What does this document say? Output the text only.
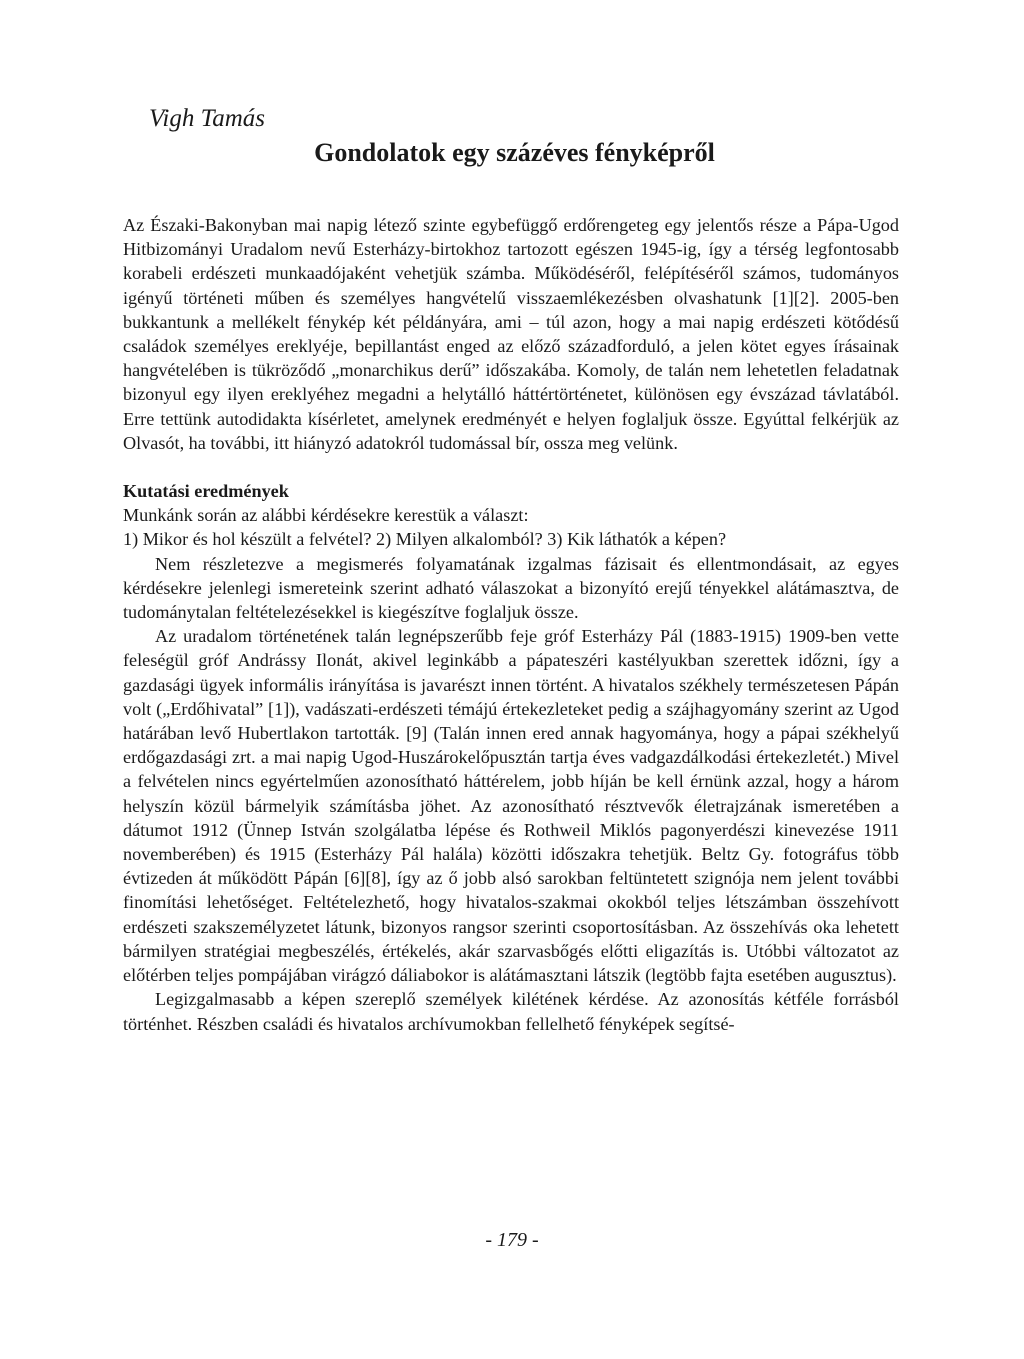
Vigh Tamás

Gondolatok egy százéves fényképről

Az Északi-Bakonyban mai napig létező szinte egybefüggő erdőrengeteg egy jelentős része a Pápa-Ugod Hitbizományi Uradalom nevű Esterházy-birtokhoz tartozott egészen 1945-ig, így a térség legfontosabb korabeli erdészeti munkaadójaként vehetjük számba. Működéséről, felépítéséről számos, tudományos igényű történeti műben és személyes hangvételű visszaemlékezésben olvashatunk [1][2]. 2005-ben bukkantunk a mellékelt fénykép két példányára, ami – túl azon, hogy a mai napig erdészeti kötődésű családok személyes ereklyéje, bepillantást enged az előző századforduló, a jelen kötet egyes írásainak hangvételében is tükröződő „monarchikus derű” időszakába. Komoly, de talán nem lehetetlen feladatnak bizonyul egy ilyen ereklyéhez megadni a helytálló háttértörténetet, különösen egy évszázad távlatából. Erre tettünk autodidakta kísérletet, amelynek eredményét e helyen foglaljuk össze. Egyúttal felkérjük az Olvasót, ha további, itt hiányzó adatokról tudomással bír, ossza meg velünk.

Kutatási eredmények

Munkánk során az alábbi kérdésekre kerestük a választ:

1) Mikor és hol készült a felvétel? 2) Milyen alkalomból? 3) Kik láthatók a képen?

Nem részletezve a megismerés folyamatának izgalmas fázisait és ellentmondásait, az egyes kérdésekre jelenlegi ismereteink szerint adható válaszokat a bizonyító erejű tényekkel alátámasztva, de tudománytalan feltételezésekkel is kiegészítve foglaljuk össze.

Az uradalom történetének talán legnépszerűbb feje gróf Esterházy Pál (1883-1915) 1909-ben vette feleségül gróf Andrássy Ilonát, akivel leginkább a pápateszéri kastélyukban szerettek időzni, így a gazdasági ügyek informális irányítása is javarészt innen történt. A hivatalos székhely természetesen Pápán volt („Erdőhivatal” [1]), vadászati-erdészeti témájú értekezleteket pedig a szájhagyomány szerint az Ugod határában levő Hubertlakon tartották. [9] (Talán innen ered annak hagyománya, hogy a pápai székhelyű erdőgazdasági zrt. a mai napig Ugod-Huszárokelőpusztán tartja éves vadgazdálkodási értekezletét.) Mivel a felvételen nincs egyértelműen azonosítható háttérelem, jobb híján be kell érnünk azzal, hogy a három helyszín közül bármelyik számításba jöhet. Az azonosítható résztvevők életrajzának ismeretében a dátumot 1912 (Ünnep István szolgálatba lépése és Rothweil Miklós pagonyerdészi kinevezése 1911 novemberében) és 1915 (Esterházy Pál halála) közötti időszakra tehetjük. Beltz Gy. fotográfus több évtizeden át működött Pápán [6][8], így az ő jobb alsó sarokban feltüntetett szignója nem jelent további finomítási lehetőséget. Feltételezhető, hogy hivatalos-szakmai okokból teljes létszámban összehívott erdészeti szakszemélyzetet látunk, bizonyos rangsor szerinti csoportosításban. Az összehívás oka lehetett bármilyen stratégiai megbeszélés, értékelés, akár szarvasbőgés előtti eligazítás is. Utóbbi változatot az előtérben teljes pompájában virágzó dáliabokor is alátámasztani látszik (legtöbb fajta esetében augusztus).

Legizgalmasabb a képen szereplő személyek kilétének kérdése. Az azonosítás kétféle forrásból történhet. Részben családi és hivatalos archívumokban fellelhető fényképek segítsé-

- 179 -
